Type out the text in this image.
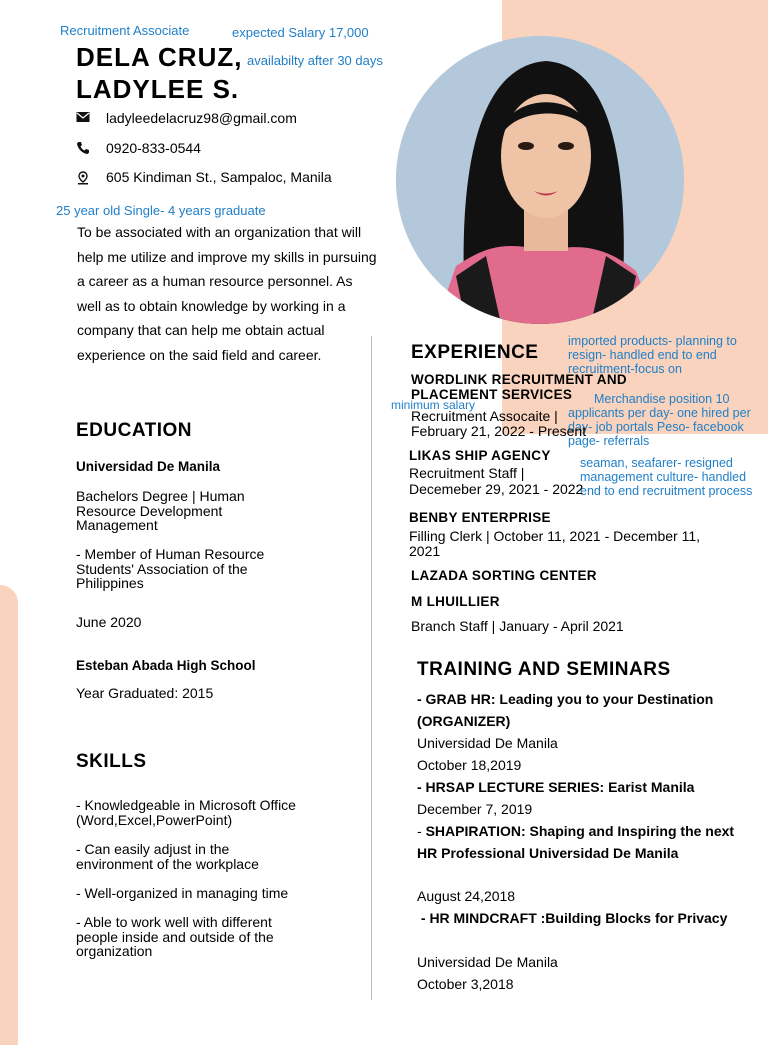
Recruitment Associate	expected Salary 17,000
availabilty after 30 days
25 year old Single- 4 years graduate
minimum salary
imported products- planning to resign- handled end to end recruitment-focus on
Merchandise position 10 applicants per day- one hired per day- job portals Peso- facebook page- referrals
seaman, seafarer- resigned management culture- handled end to end recruitment process
DELA CRUZ,
LADYLEE S.
ladyleedelacruz98@gmail.com
0920-833-0544
605 Kindiman St., Sampaloc, Manila
To be associated with an organization that will help me utilize and improve my skills in pursuing a career as a human resource personnel. As well as to obtain knowledge by working in a company that can help me obtain actual experience on the said field and career.
EDUCATION
Universidad De Manila
Bachelors Degree | Human Resource Development Management
- Member of Human Resource Students' Association of the Philippines
June 2020
Esteban Abada High School
Year Graduated: 2015
SKILLS
- Knowledgeable in Microsoft Office (Word,Excel,PowerPoint)
- Can easily adjust in the environment of the workplace
- Well-organized in managing time
- Able to work well with different people inside and outside of the organization
EXPERIENCE
WORDLINK RECRUITMENT AND PLACEMENT SERVICES
Recruitment Assocaite |
February 21, 2022 - Present
LIKAS SHIP AGENCY
Recruitment Staff |
Decemeber 29, 2021 - 2022
BENBY ENTERPRISE
Filling Clerk | October 11, 2021 - December 11, 2021
LAZADA SORTING CENTER
M LHUILLIER
Branch Staff | January - April 2021
TRAINING AND SEMINARS
- GRAB HR: Leading you to your Destination (ORGANIZER)
Universidad De Manila
October 18,2019
- HRSAP LECTURE SERIES: Earist Manila
December 7, 2019
- SHAPIRATION: Shaping and Inspiring the next HR Professional Universidad De Manila
August 24,2018
- HR MINDCRAFT :Building Blocks for Privacy
Universidad De Manila
October 3,2018
